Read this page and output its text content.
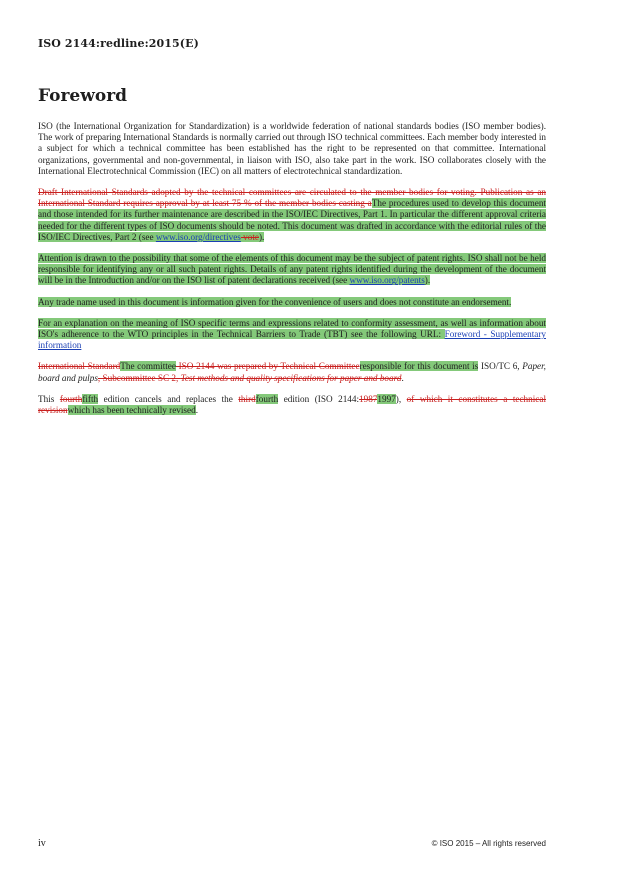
ISO 2144:redline:2015(E)
Foreword

ISO (the International Organization for Standardization) is a worldwide federation of national standards bodies (ISO member bodies). The work of preparing International Standards is normally carried out through ISO technical committees. Each member body interested in a subject for which a technical committee has been established has the right to be represented on that committee. International organizations, governmental and non-governmental, in liaison with ISO, also take part in the work. ISO collaborates closely with the International Electrotechnical Commission (IEC) on all matters of electrotechnical standardization.

Draft International Standards adopted by the technical committees are circulated to the member bodies for voting. Publication as an International Standard requires approval by at least 75 % of the member bodies casting aThe procedures used to develop this document and those intended for its further maintenance are described in the ISO/IEC Directives, Part 1. In particular the different approval criteria needed for the different types of ISO documents should be noted. This document was drafted in accordance with the editorial rules of the ISO/IEC Directives, Part 2 (see www.iso.org/directives vote).

Attention is drawn to the possibility that some of the elements of this document may be the subject of patent rights. ISO shall not be held responsible for identifying any or all such patent rights. Details of any patent rights identified during the development of the document will be in the Introduction and/or on the ISO list of patent declarations received (see www.iso.org/patents).

Any trade name used in this document is information given for the convenience of users and does not constitute an endorsement.

For an explanation on the meaning of ISO specific terms and expressions related to conformity assessment, as well as information about ISO's adherence to the WTO principles in the Technical Barriers to Trade (TBT) see the following URL: Foreword - Supplementary information

International StandardThe committee ISO 2144 was prepared by Technical Committeeresponsible for this document is ISO/TC 6, Paper, board and pulps, Subcommittee SC 2, Test methods and quality specifications for paper and board.

This fourthfifth edition cancels and replaces the thirdfourth edition (ISO 2144:19871997), of which it constitutes a technical revisionwhich has been technically revised.

iv	© ISO 2015 – All rights reserved
